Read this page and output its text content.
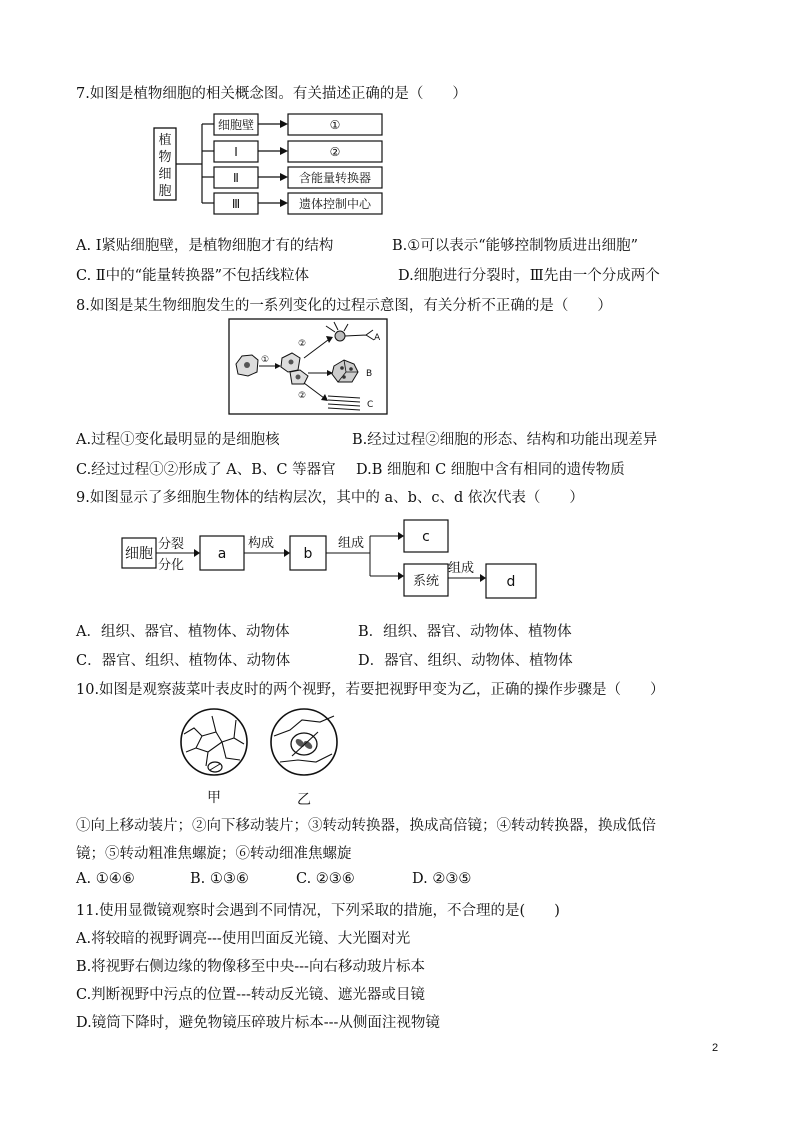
7.如图是植物细胞的相关概念图。有关描述正确的是（　　）
植
物
细
胞
细胞壁
Ⅰ
Ⅱ
Ⅲ
①
②
含能量转换器
遗体控制中心
A. Ⅰ紧贴细胞壁，是植物细胞才有的结构	B.①可以表示“能够控制物质进出细胞”
C. Ⅱ中的“能量转换器”不包括线粒体	D.细胞进行分裂时，Ⅲ先由一个分成两个
8.如图是某生物细胞发生的一系列变化的过程示意图，有关分析不正确的是（　　）
①
②
②
A
B
C
A.过程①变化最明显的是细胞核	B.经过过程②细胞的形态、结构和功能出现差异
C.经过过程①②形成了 A、B、C 等器官 D.B 细胞和 C 细胞中含有相同的遗传物质
9.如图显示了多细胞生物体的结构层次，其中的 a、b、c、d 依次代表（　　）
细胞
分裂
分化
a
构成
b
组成	c
系统
组成
d
A．组织、器官、植物体、动物体	B．组织、器官、动物体、植物体
C．器官、组织、植物体、动物体	D．器官、组织、动物体、植物体
10.如图是观察菠菜叶表皮时的两个视野，若要把视野甲变为乙，正确的操作步骤是（　　）
甲	乙
①向上移动装片；②向下移动装片；③转动转换器，换成高倍镜；④转动转换器，换成低倍
镜；⑤转动粗准焦螺旋；⑥转动细准焦螺旋
A. ①④⑥	B. ①③⑥	C. ②③⑥	D. ②③⑤
11.使用显微镜观察时会遇到不同情况，下列采取的措施，不合理的是(　　)
A.将较暗的视野调亮---使用凹面反光镜、大光圈对光
B.将视野右侧边缘的物像移至中央---向右移动玻片标本
C.判断视野中污点的位置---转动反光镜、遮光器或目镜
D.镜筒下降时，避免物镜压碎玻片标本---从侧面注视物镜
2
